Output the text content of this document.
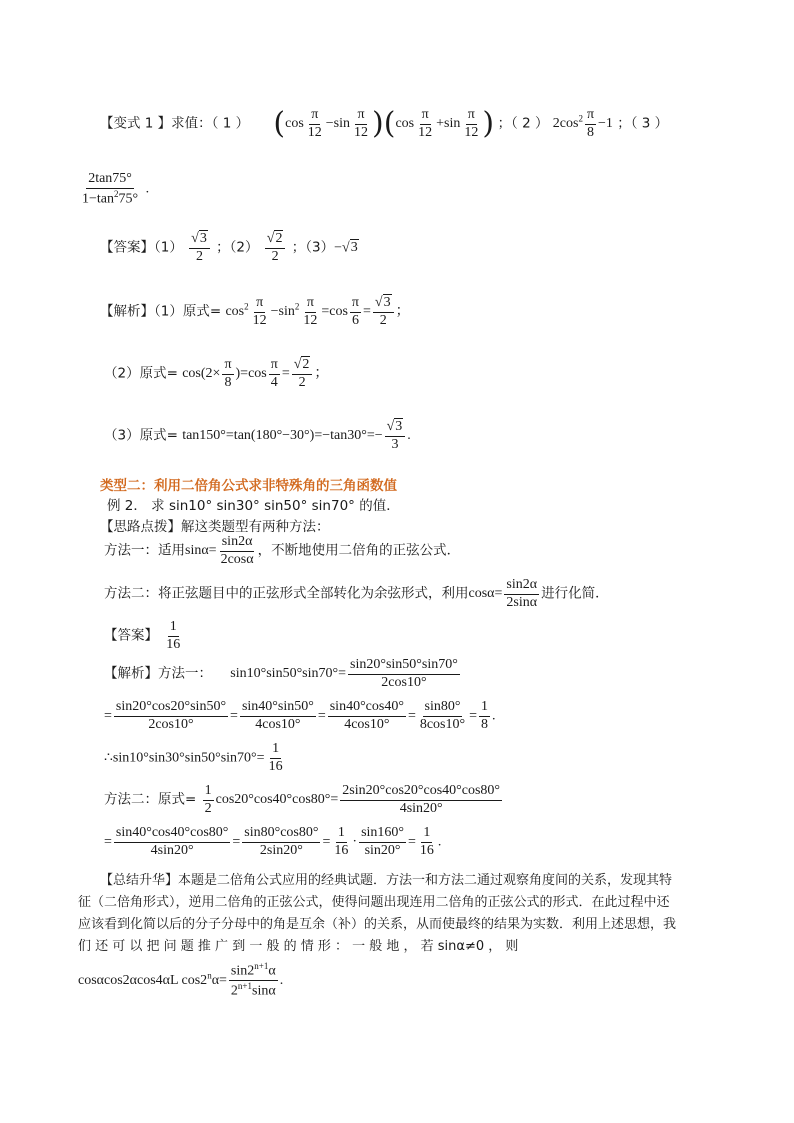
【变式 1 】求值：（ 1 ） $(\cos \frac{\pi}{12} -\sin \frac{\pi}{12} )(\cos \frac{\pi}{12} +\sin \frac{\pi}{12}$ ) ；（ 2 ） $2\cos^2 \frac{\pi}{8} -1$ ；（ 3 ）
$\frac{2\tan 75^\circ}{1-\tan^275^\circ}$ .
【答案】$(1) \frac{√3}{2}$ ；$(2) \frac{√2}{2}$ ；（3）−√3
【解析】（1）原式= $\cos^2 \frac{\pi}{12} -\sin^2 \frac{\pi}{12} =\cos \frac{\pi}{6} = \frac{√3}{2}$ ；
（2）原式= $\cos(2\times \frac{\pi}{8} )=\cos \frac{\pi}{4} = \frac{√2}{2}$ ；
（3）原式= $\tan 150^\circ=\tan(180^\circ-30^\circ)=-\tan 30^\circ=- \frac{√3}{3}$ .
类型二：利用二倍角公式求非特殊角的三角函数值
例 2． 求 sin10° sin30° sin50° sin70° 的值．
【思路点拨】解这类题型有两种方法：
方法一：适用$\sin\alpha= \frac{\sin 2\alpha}{2\cos\alpha}$ ，不断地使用二倍角的正弦公式．
方法二：将正弦题目中的正弦形式全部转化为余弦形式，利用$\cos\alpha= \frac{\sin 2\alpha}{2\sin\alpha}$ 进行化简．
【答案】 $\frac{1}{16}$
【解析】方法一： $\sin 10^\circ\sin 50^\circ\sin 70^\circ= \frac{\sin 20^\circ\sin 50^\circ\sin 70^\circ}{2\cos 10^\circ}$
= $\frac{\sin 20^\circ\cos 20^\circ\sin 50^\circ}{2\cos 10^\circ} = \frac{\sin 40^\circ\sin 50^\circ}{4\cos 10^\circ} = \frac{\sin 40^\circ\cos 40^\circ}{4\cos 10^\circ} = \frac{\sin 80^\circ}{8\cos 10^\circ} = \frac{1}{8}$ .
∴sin10°sin30°sin50°sin70°= $\frac{1}{16}$
方法二：原式= $\frac{1}{2} \cos 20^\circ\cos 40^\circ\cos 80^\circ= \frac{2\sin 20^\circ\cos 20^\circ\cos 40^\circ\cos 80^\circ}{4\sin 20^\circ}$
= $\frac{\sin 40^\circ\cos 40^\circ\cos 80^\circ}{4\sin 20^\circ} = \frac{\sin 80^\circ\cos 80^\circ}{2\sin 20^\circ} = \frac{1}{16} \cdot \frac{\sin 160^\circ}{\sin 20^\circ} = \frac{1}{16}$ .
【总结升华】本题是二倍角公式应用的经典试题．方法一和方法二通过观察角度间的关系，发现其特
征（二倍角形式），逆用二倍角的正弦公式，使得问题出现连用二倍角的正弦公式的形式．在此过程中还
应该看到化简以后的分子分母中的角是互余（补）的关系，从而使最终的结果为实数．利用上述思想，我
们 还 可 以 把 问 题 推 广 到 一 般 的 情 形 ： 一 般 地 ， 若 sinα≠0 ， 则
cosαcos2αcos4αL $\cos 2^n\alpha= \frac{\sin 2^{n+1}\alpha}{2^{n+1}\sin\alpha}$ .
